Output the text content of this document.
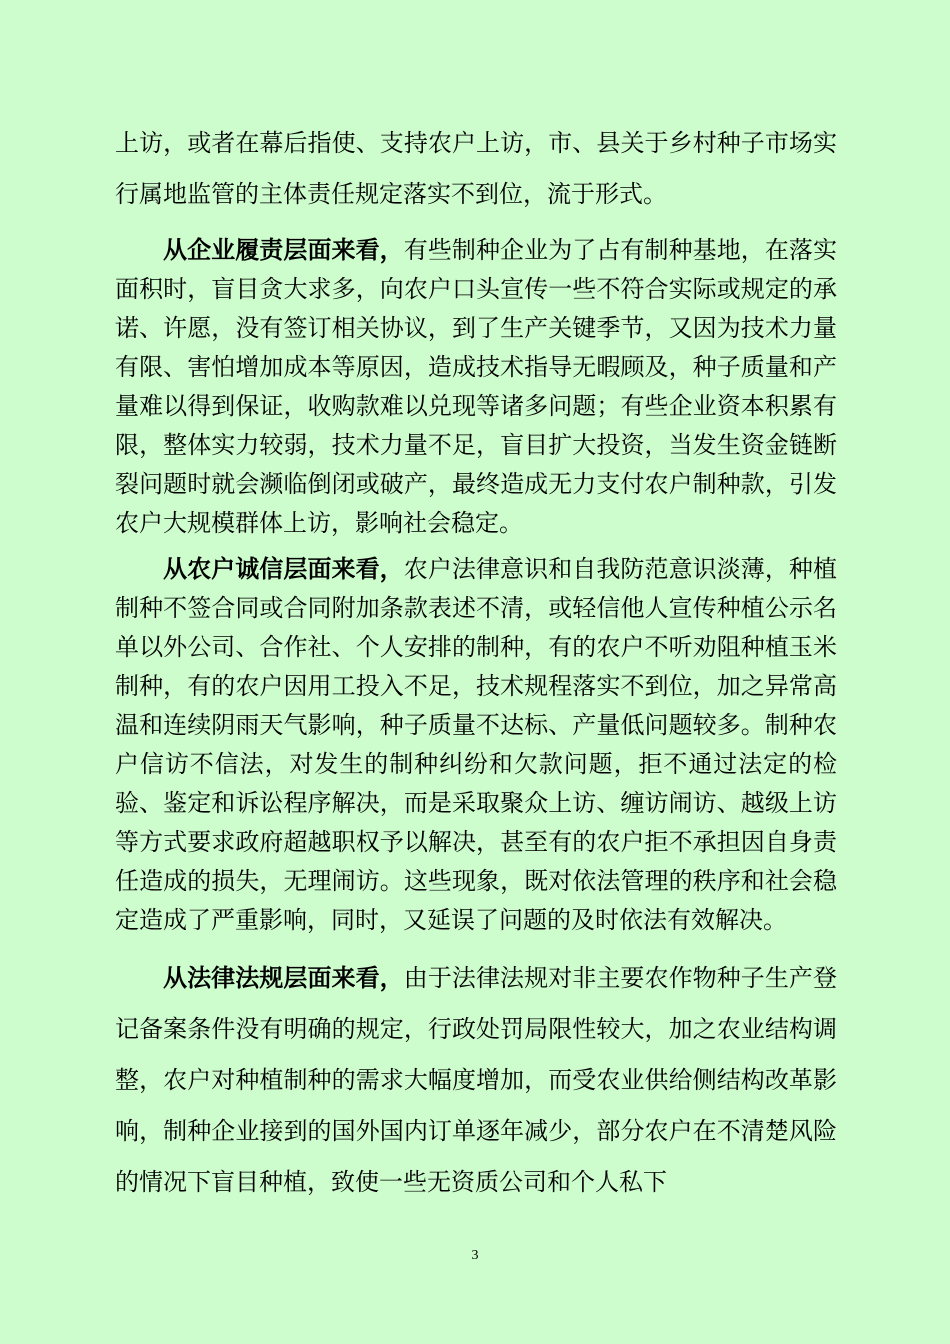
上访，或者在幕后指使、支持农户上访，市、县关于乡村种子市场实行属地监管的主体责任规定落实不到位，流于形式。

从企业履责层面来看，有些制种企业为了占有制种基地，在落实面积时，盲目贪大求多，向农户口头宣传一些不符合实际或规定的承诺、许愿，没有签订相关协议，到了生产关键季节，又因为技术力量有限、害怕增加成本等原因，造成技术指导无暇顾及，种子质量和产量难以得到保证，收购款难以兑现等诸多问题；有些企业资本积累有限，整体实力较弱，技术力量不足，盲目扩大投资，当发生资金链断裂问题时就会濒临倒闭或破产，最终造成无力支付农户制种款，引发农户大规模群体上访，影响社会稳定。

从农户诚信层面来看，农户法律意识和自我防范意识淡薄，种植制种不签合同或合同附加条款表述不清，或轻信他人宣传种植公示名单以外公司、合作社、个人安排的制种，有的农户不听劝阻种植玉米制种，有的农户因用工投入不足，技术规程落实不到位，加之异常高温和连续阴雨天气影响，种子质量不达标、产量低问题较多。制种农户信访不信法，对发生的制种纠纷和欠款问题，拒不通过法定的检验、鉴定和诉讼程序解决，而是采取聚众上访、缠访闹访、越级上访等方式要求政府超越职权予以解决，甚至有的农户拒不承担因自身责任造成的损失，无理闹访。这些现象，既对依法管理的秩序和社会稳定造成了严重影响，同时，又延误了问题的及时依法有效解决。

从法律法规层面来看，由于法律法规对非主要农作物种子生产登记备案条件没有明确的规定，行政处罚局限性较大，加之农业结构调整，农户对种植制种的需求大幅度增加，而受农业供给侧结构改革影响，制种企业接到的国外国内订单逐年减少，部分农户在不清楚风险的情况下盲目种植，致使一些无资质公司和个人私下

3
